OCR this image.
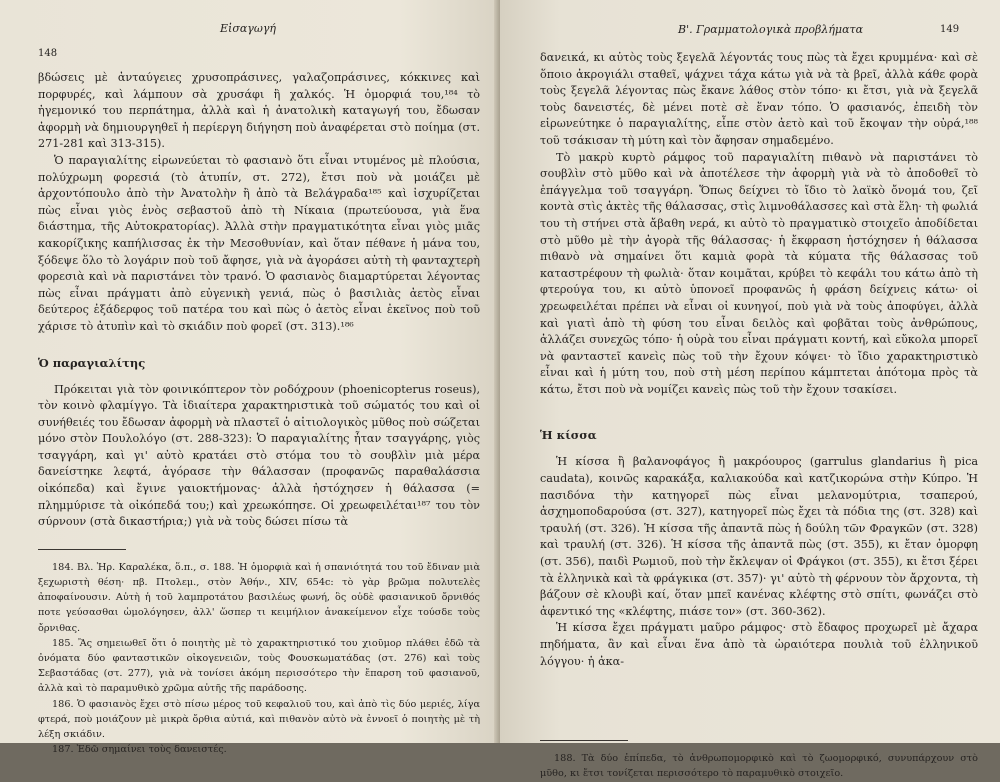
Εἰσαγωγή
148

βδώσεις μὲ ἀνταύγειες χρυσοπράσινες, γαλαζοπράσινες, κόκκινες καὶ πορφυρές, καὶ λάμπουν σὰ χρυσάφι ἢ χαλκός. Ἡ ὀμορφιά του,¹⁸⁴ τὸ ἡγεμονικό του περπάτημα, ἀλλὰ καὶ ἡ ἀνατολικὴ καταγωγή του, ἔδωσαν ἀφορμὴ νὰ δημιουργηθεῖ ἡ περίεργη διήγηση ποὺ ἀναφέρεται στὸ ποίημα (στ. 271-281 καὶ 313-315).

Ὁ παραγιαλίτης εἰρωνεύεται τὸ φασιανὸ ὅτι εἶναι ντυμένος μὲ πλούσια, πολύχρωμη φορεσιά (τὸ ἀτυπίν, στ. 272), ἔτσι ποὺ νὰ μοιάζει μὲ ἀρχοντόπουλο ἀπὸ τὴν Ἀνατολὴν ἢ ἀπὸ τὰ Βελάγραδα¹⁸⁵ καὶ ἰσχυρίζεται πὼς εἶναι γιὸς ἑνὸς σεβαστοῦ ἀπὸ τὴ Νίκαια (πρωτεύουσα, γιὰ ἕνα διάστημα, τῆς Αὐτοκρατορίας). Ἀλλὰ στὴν πραγματικότητα εἶναι γιὸς μιᾶς κακορίζικης καπήλισσας ἐκ τὴν Μεσοθυνίαν, καὶ ὅταν πέθανε ἡ μάνα του, ξόδεψε ὅλο τὸ λογάριν ποὺ τοῦ ἄφησε, γιὰ νὰ ἀγοράσει αὐτὴ τὴ φανταχτερὴ φορεσιὰ καὶ νὰ παριστάνει τὸν τρανό. Ὁ φασιανὸς διαμαρτύρεται λέγοντας πὼς εἶναι πράγματι ἀπὸ εὐγενικὴ γενιά, πὼς ὁ βασιλιὰς ἀετὸς εἶναι δεύτερος ἐξάδερφος τοῦ πατέρα του καὶ πὼς ὁ ἀετὸς εἶναι ἐκεῖνος ποὺ τοῦ χάρισε τὸ ἀτυπὶν καὶ τὸ σκιάδιν ποὺ φορεῖ (στ. 313).¹⁸⁶

Ὁ παραγιαλίτης

Πρόκειται γιὰ τὸν φοινικόπτερον τὸν ροδόχρουν (phoenicopterus roseus), τὸν κοινὸ φλαμίγγο. Τὰ ἰδιαίτερα χαρακτηριστικὰ τοῦ σώματός του καὶ οἱ συνήθειές του ἔδωσαν ἀφορμὴ νὰ πλαστεῖ ὁ αἰτιολογικὸς μῦθος ποὺ σώζεται μόνο στὸν Πουλολόγο (στ. 288-323): Ὁ παραγιαλίτης ἦταν τσαγγάρης, γιὸς τσαγγάρη, καὶ γι' αὐτὸ κρατάει στὸ στόμα του τὸ σουβλὶν μιὰ μέρα δανείστηκε λεφτά, ἀγόρασε τὴν θάλασσαν (προφανῶς παραθαλάσσια οἰκόπεδα) καὶ ἔγινε γαιοκτήμονας· ἀλλὰ ἠστόχησεν ἡ θάλασσα (= πλημμύρισε τὰ οἰκόπεδά του;) καὶ χρεωκόπησε. Οἱ χρεωφειλέται¹⁸⁷ του τὸν σύρνουν (στὰ δικαστήρια;) γιὰ νὰ τοὺς δώσει πίσω τὰ

184. Βλ. Ἡρ. Καραλέκα, ὅ.π., σ. 188. Ἡ ὀμορφιὰ καὶ ἡ σπανιότητά του τοῦ ἔδιναν μιὰ ξεχωριστὴ θέση· πβ. Πτολεμ., στὸν Ἀθήν., XIV, 654c: τὸ γὰρ βρῶμα πολυτελὲς ἀποφαίνουσιν. Αὐτὴ ἡ τοῦ λαμπροτάτου βασιλέως φωνή, ὃς οὐδὲ φασιανικοῦ ὄρνιθός ποτε γεύσασθαι ὡμολόγησεν, ἀλλ' ὥσπερ τι κειμήλιον ἀνακείμενον εἶχε τούσδε τοὺς ὄρνιθας.

185. Ἂς σημειωθεῖ ὅτι ὁ ποιητὴς μὲ τὸ χαρακτηριστικό του χιοῦμορ πλάθει ἐδῶ τὰ ὀνόματα δύο φανταστικῶν οἰκογενειῶν, τοὺς Φουσκωματάδας (στ. 276) καὶ τοὺς Σεβαστάδας (στ. 277), γιὰ νὰ τονίσει ἀκόμη περισσότερο τὴν ἔπαρση τοῦ φασιανοῦ, ἀλλὰ καὶ τὸ παραμυθικὸ χρῶμα αὐτῆς τῆς παράδοσης.

186. Ὁ φασιανὸς ἔχει στὸ πίσω μέρος τοῦ κεφαλιοῦ του, καὶ ἀπὸ τὶς δύο μεριές, λίγα φτερά, ποὺ μοιάζουν μὲ μικρὰ ὄρθια αὐτιά, καὶ πιθανὸν αὐτὸ νὰ ἐννοεῖ ὁ ποιητὴς μὲ τὴ λέξη σκιάδιν.

187. Ἐδῶ σημαίνει τοὺς δανειστές.

Β'. Γραμματολογικὰ προβλήματα	149

δανεικά, κι αὐτὸς τοὺς ξεγελᾶ λέγοντάς τους πὼς τὰ ἔχει κρυμμένα· καὶ σὲ ὅποιο ἀκρογιάλι σταθεῖ, ψάχνει τάχα κάτω γιὰ νὰ τὰ βρεῖ, ἀλλὰ κάθε φορὰ τοὺς ξεγελᾶ λέγοντας πὼς ἔκανε λάθος στὸν τόπο· κι ἔτσι, γιὰ νὰ ξεγελᾶ τοὺς δανειστές, δὲ μένει ποτὲ σὲ ἕναν τόπο. Ὁ φασιανός, ἐπειδὴ τὸν εἰρωνεύτηκε ὁ παραγιαλίτης, εἶπε στὸν ἀετὸ καὶ τοῦ ἔκοψαν τὴν οὐρά,¹⁸⁸ τοῦ τσάκισαν τὴ μύτη καὶ τὸν ἄφησαν σημαδεμένο.

Τὸ μακρὺ κυρτὸ ράμφος τοῦ παραγιαλίτη πιθανὸ νὰ παριστάνει τὸ σουβλὶν στὸ μῦθο καὶ νὰ ἀποτέλεσε τὴν ἀφορμὴ γιὰ νὰ τὸ ἀποδοθεῖ τὸ ἐπάγγελμα τοῦ τσαγγάρη. Ὅπως δείχνει τὸ ἴδιο τὸ λαϊκὸ ὄνομά του, ζεῖ κοντὰ στὶς ἀκτὲς τῆς θάλασσας, στὶς λιμνοθάλασσες καὶ στὰ ἕλη· τὴ φωλιά του τὴ στήνει στὰ ἄβαθη νερά, κι αὐτὸ τὸ πραγματικὸ στοιχεῖο ἀποδίδεται στὸ μῦθο μὲ τὴν ἀγορὰ τῆς θάλασσας· ἡ ἔκφραση ἠστόχησεν ἡ θάλασσα πιθανὸ νὰ σημαίνει ὅτι καμιὰ φορὰ τὰ κύματα τῆς θάλασσας τοῦ καταστρέφουν τὴ φωλιὰ· ὅταν κοιμᾶται, κρύβει τὸ κεφάλι του κάτω ἀπὸ τὴ φτερούγα του, κι αὐτὸ ὑπονοεῖ προφανῶς ἡ φράση δείχνεις κάτω· οἱ χρεωφειλέται πρέπει νὰ εἶναι οἱ κυνηγοί, ποὺ γιὰ νὰ τοὺς ἀποφύγει, ἀλλὰ καὶ γιατὶ ἀπὸ τὴ φύση του εἶναι δειλὸς καὶ φοβᾶται τοὺς ἀνθρώπους, ἀλλάζει συνεχῶς τόπο· ἡ οὐρὰ του εἶναι πράγματι κοντή, καὶ εὔκολα μπορεῖ νὰ φανταστεῖ κανεὶς πὼς τοῦ τὴν ἔχουν κόψει· τὸ ἴδιο χαρακτηριστικὸ εἶναι καὶ ἡ μύτη του, ποὺ στὴ μέση περίπου κάμπτεται ἀπότομα πρὸς τὰ κάτω, ἔτσι ποὺ νὰ νομίζει κανεὶς πὼς τοῦ τὴν ἔχουν τσακίσει.

Ἡ κίσσα

Ἡ κίσσα ἢ βαλανοφάγος ἢ μακρόουρος (garrulus glandarius ἢ pica caudata), κοινῶς καρακάξα, καλιακούδα καὶ κατζικορώνα στὴν Κύπρο. Ἡ πασιδόνα τὴν κατηγορεῖ πὼς εἶναι μελανομύτρια, τσαπερού, ἀσχημοποδαρούσα (στ. 327), κατηγορεῖ πὼς ἔχει τὰ πόδια της (στ. 328) καὶ τραυλή (στ. 326). Ἡ κίσσα τῆς ἀπαντᾶ πὼς ἡ δούλη τῶν Φραγκῶν (στ. 328) καὶ τραυλή (στ. 326). Ἡ κίσσα τῆς ἀπαντᾶ πὼς (στ. 355), κι ἔταν ὀμορφη (στ. 356), παιδὶ Ρωμιοῦ, ποὺ τὴν ἔκλεψαν οἱ Φράγκοι (στ. 355), κι ἔτσι ξέρει τὰ ἑλληνικὰ καὶ τὰ φράγκικα (στ. 357)· γι' αὐτὸ τὴ φέρνουν τὸν ἄρχοντα, τὴ βάζουν σὲ κλουβὶ καί, ὅταν μπεῖ κανένας κλέφτης στὸ σπίτι, φωνάζει στὸ ἀφεντικό της «κλέφτης, πιάσε τον» (στ. 360-362).

Ἡ κίσσα ἔχει πράγματι μαῦρο ράμφος· στὸ ἔδαφος προχωρεῖ μὲ ἄχαρα πηδήματα, ἂν καὶ εἶναι ἕνα ἀπὸ τὰ ὡραιότερα πουλιὰ τοῦ ἑλληνικοῦ λόγγου· ἡ ἀκα-

188. Τὰ δύο ἐπίπεδα, τὸ ἀνθρωπομορφικὸ καὶ τὸ ζωομορφικό, συνυπάρχουν στὸ μῦθο, κι ἔτσι τονίζεται περισσότερο τὸ παραμυθικὸ στοιχεῖο.
